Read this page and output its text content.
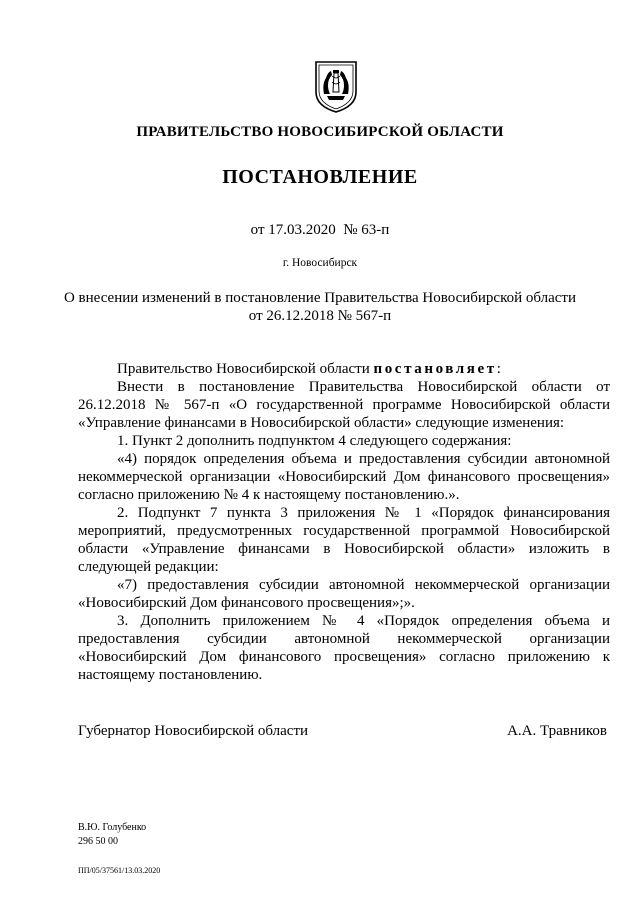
ПРАВИТЕЛЬСТВО НОВОСИБИРСКОЙ ОБЛАСТИ
ПОСТАНОВЛЕНИЕ
от 17.03.2020  № 63-п
г. Новосибирск
О внесении изменений в постановление Правительства Новосибирской области
от 26.12.2018 № 567-п

Правительство Новосибирской области постановляет:

Внести в постановление Правительства Новосибирской области от 26.12.2018 № 567-п «О государственной программе Новосибирской области «Управление финансами в Новосибирской области» следующие изменения:

1. Пункт 2 дополнить подпунктом 4 следующего содержания:

«4) порядок определения объема и предоставления субсидии автономной некоммерческой организации «Новосибирский Дом финансового просвещения» согласно приложению № 4 к настоящему постановлению.».

2. Подпункт 7 пункта 3 приложения № 1 «Порядок финансирования мероприятий, предусмотренных государственной программой Новосибирской области «Управление финансами в Новосибирской области» изложить в следующей редакции:

«7) предоставления субсидии автономной некоммерческой организации «Новосибирский Дом финансового просвещения»;».

3. Дополнить приложением № 4 «Порядок определения объема и предоставления субсидии автономной некоммерческой организации «Новосибирский Дом финансового просвещения» согласно приложению к настоящему постановлению.

Губернатор Новосибирской области	А.А. Травников
В.Ю. Голубенко
296 50 00
ПП/05/37561/13.03.2020
